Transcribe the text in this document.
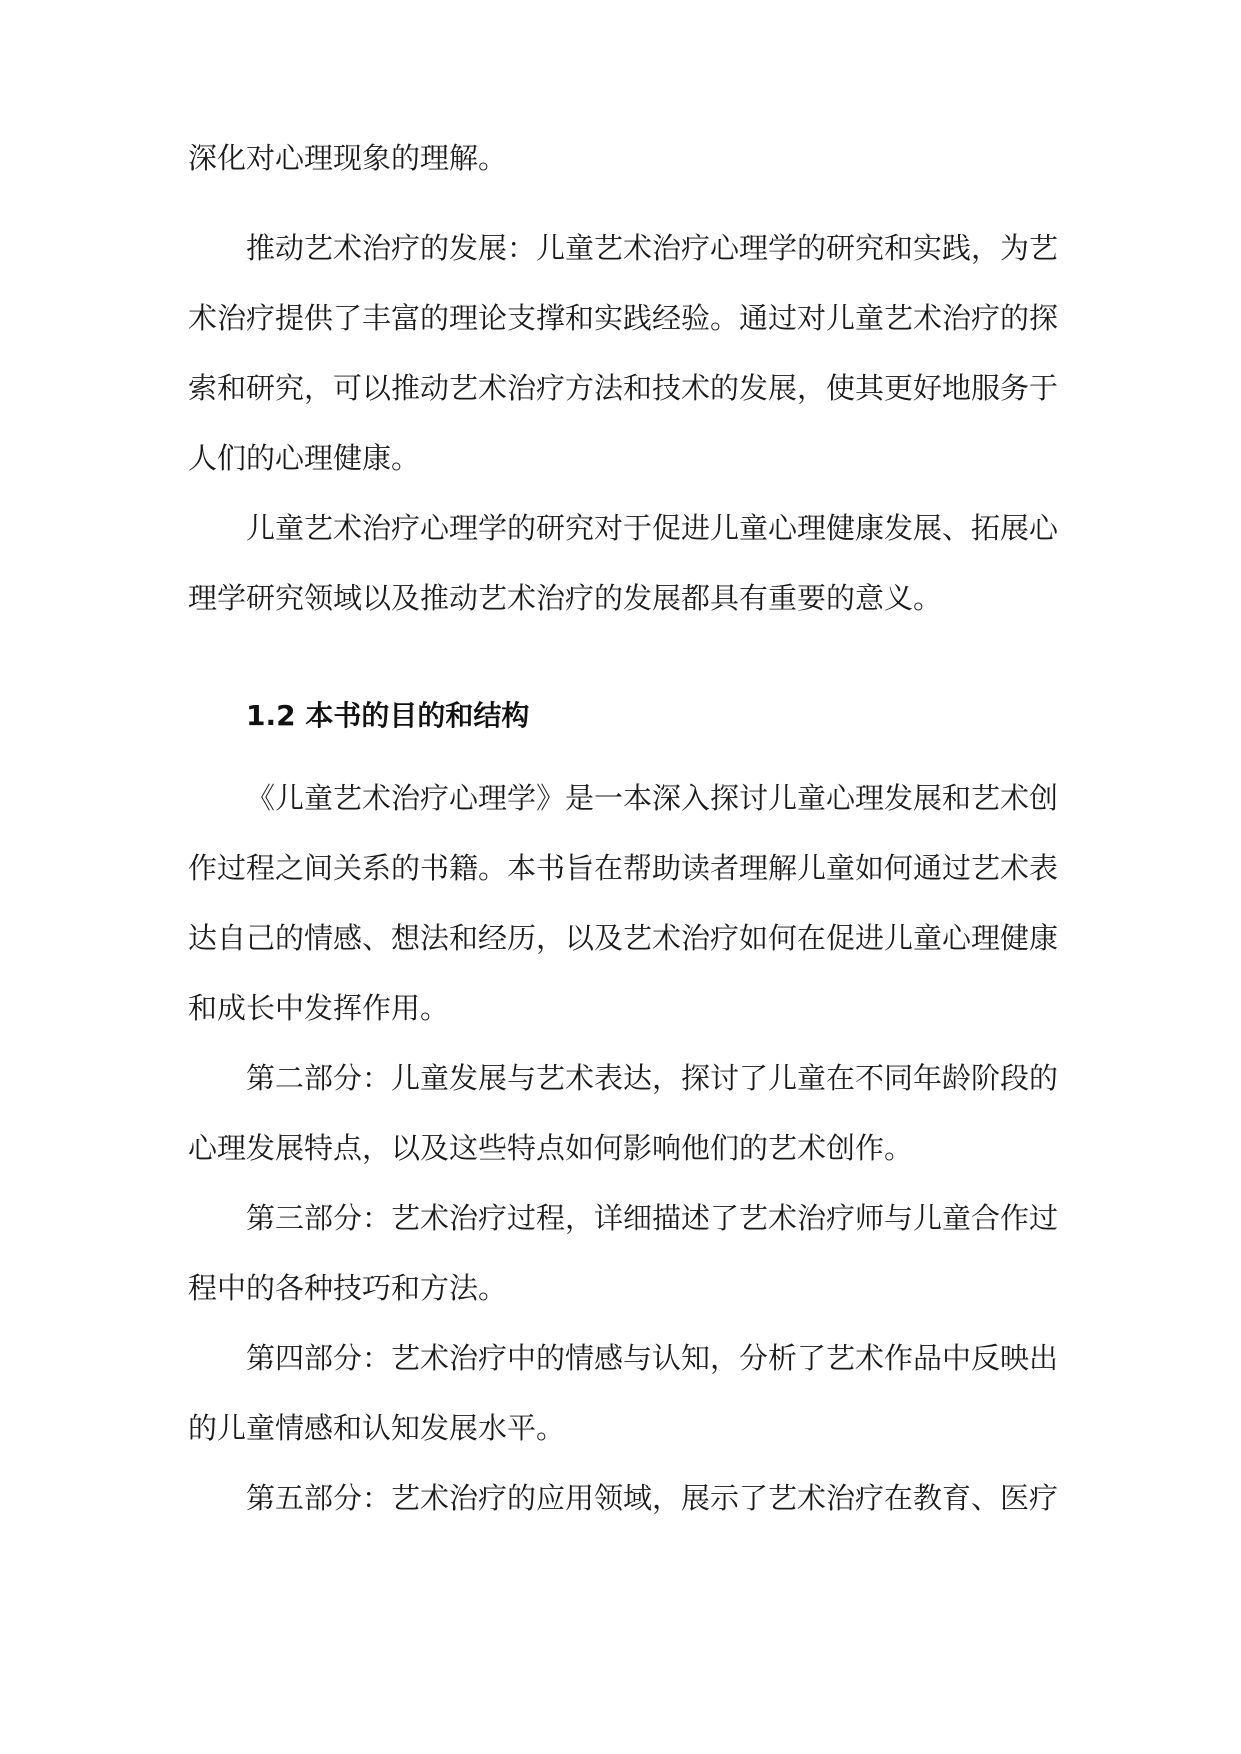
深化对心理现象的理解。
推动艺术治疗的发展：儿童艺术治疗心理学的研究和实践，为艺
术治疗提供了丰富的理论支撑和实践经验。通过对儿童艺术治疗的探
索和研究，可以推动艺术治疗方法和技术的发展，使其更好地服务于
人们的心理健康。
儿童艺术治疗心理学的研究对于促进儿童心理健康发展、拓展心
理学研究领域以及推动艺术治疗的发展都具有重要的意义。
1.2 本书的目的和结构
《儿童艺术治疗心理学》是一本深入探讨儿童心理发展和艺术创
作过程之间关系的书籍。本书旨在帮助读者理解儿童如何通过艺术表
达自己的情感、想法和经历，以及艺术治疗如何在促进儿童心理健康
和成长中发挥作用。
第二部分：儿童发展与艺术表达，探讨了儿童在不同年龄阶段的
心理发展特点，以及这些特点如何影响他们的艺术创作。
第三部分：艺术治疗过程，详细描述了艺术治疗师与儿童合作过
程中的各种技巧和方法。
第四部分：艺术治疗中的情感与认知，分析了艺术作品中反映出
的儿童情感和认知发展水平。
第五部分：艺术治疗的应用领域，展示了艺术治疗在教育、医疗
